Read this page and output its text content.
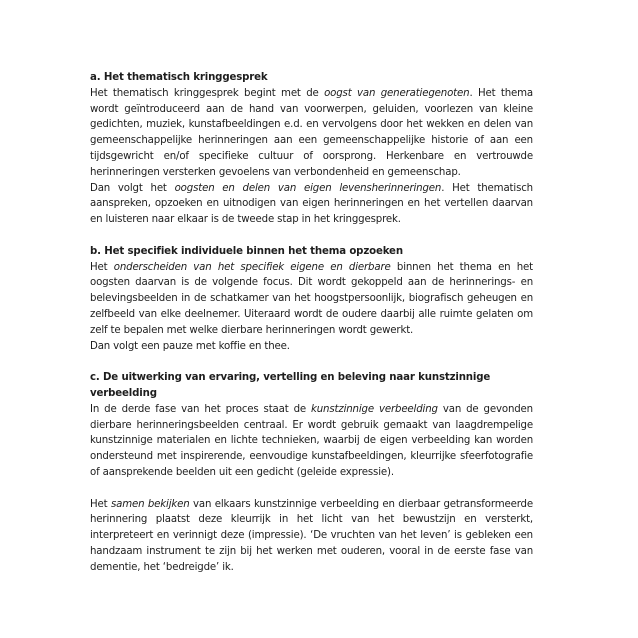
a. Het thematisch kringgesprek

Het thematisch kringgesprek begint met de oogst van generatiegenoten. Het thema wordt geïntroduceerd aan de hand van voorwerpen, geluiden, voorlezen van kleine gedichten, muziek, kunstafbeeldingen e.d. en vervolgens door het wekken en delen van gemeenschappelijke herinneringen aan een gemeenschappelijke historie of aan een tijdsgewricht en/of specifieke cultuur of oorsprong. Herkenbare en vertrouwde herinneringen versterken gevoelens van verbondenheid en gemeenschap.

Dan volgt het oogsten en delen van eigen levensherinneringen. Het thematisch aanspreken, opzoeken en uitnodigen van eigen herinneringen en het vertellen daarvan en luisteren naar elkaar is de tweede stap in het kringgesprek.

b. Het specifiek individuele binnen het thema opzoeken

Het onderscheiden van het specifiek eigene en dierbare binnen het thema en het oogsten daarvan is de volgende focus. Dit wordt gekoppeld aan de herinnerings- en belevingsbeelden in de schatkamer van het hoogstpersoonlijk, biografisch geheugen en zelfbeeld van elke deelnemer. Uiteraard wordt de oudere daarbij alle ruimte gelaten om zelf te bepalen met welke dierbare herinneringen wordt gewerkt.

Dan volgt een pauze met koffie en thee.

c. De uitwerking van ervaring, vertelling en beleving naar kunstzinnige verbeelding

In de derde fase van het proces staat de kunstzinnige verbeelding van de gevonden dierbare herinneringsbeelden centraal. Er wordt gebruik gemaakt van laagdrempelige kunstzinnige materialen en lichte technieken, waarbij de eigen verbeelding kan worden ondersteund met inspirerende, eenvoudige kunstafbeeldingen, kleurrijke sfeerfotografie of aansprekende beelden uit een gedicht (geleide expressie).

Het samen bekijken van elkaars kunstzinnige verbeelding en dierbaar getransformeerde herinnering plaatst deze kleurrijk in het licht van het bewustzijn en versterkt, interpreteert en verinnigt deze (impressie). ‘De vruchten van het leven’ is gebleken een handzaam instrument te zijn bij het werken met ouderen, vooral in de eerste fase van dementie, het ‘bedreigde’ ik.
